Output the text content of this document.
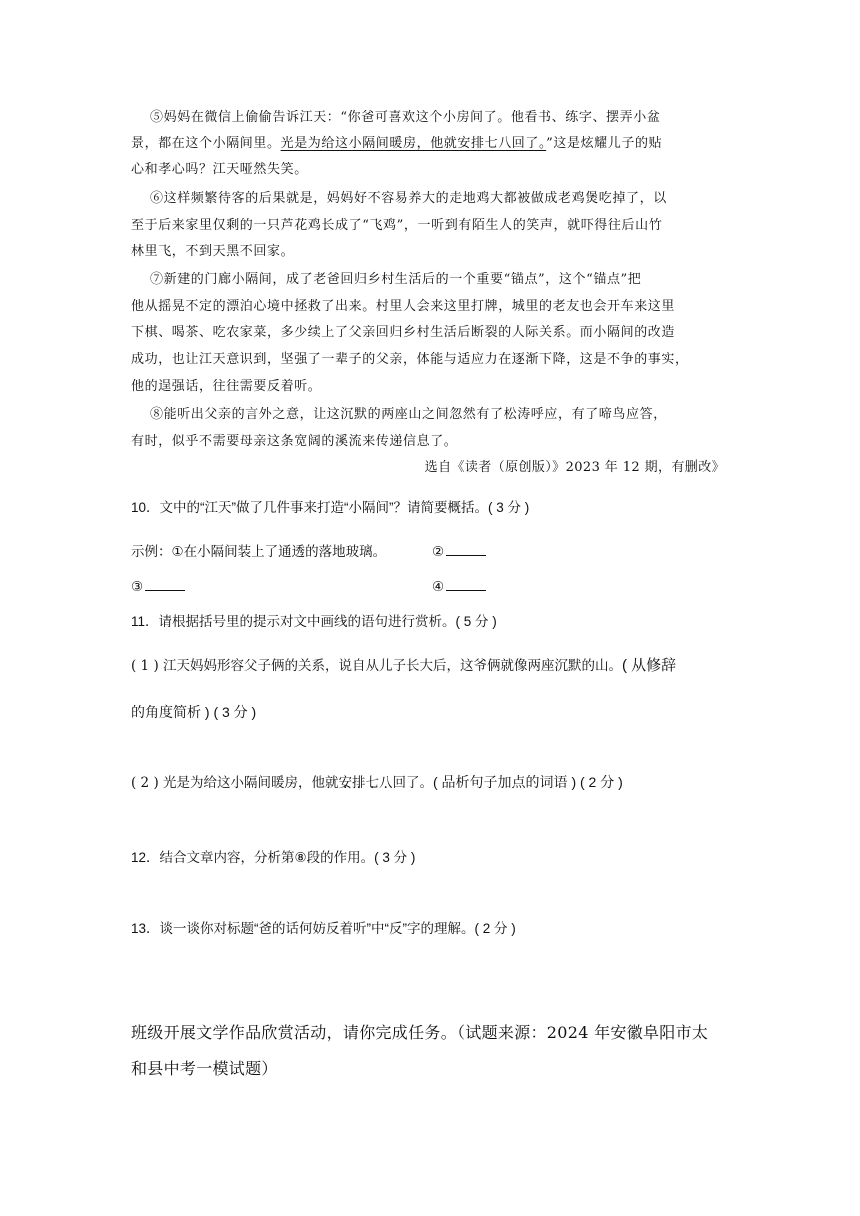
⑤妈妈在微信上偷偷告诉江天：“你爸可喜欢这个小房间了。他看书、练字、摆弄小盆
景，都在这个小隔间里。光是为给这小隔间暖房，他就安排七八回了。”这是炫耀儿子的贴
心和孝心吗？江天哑然失笑。
⑥这样频繁待客的后果就是，妈妈好不容易养大的走地鸡大都被做成老鸡煲吃掉了，以
至于后来家里仅剩的一只芦花鸡长成了“飞鸡”，一听到有陌生人的笑声，就吓得往后山竹
林里飞，不到天黑不回家。
⑦新建的门廊小隔间，成了老爸回归乡村生活后的一个重要“锚点”，这个“锚点”把
他从摇晃不定的漂泊心境中拯救了出来。村里人会来这里打牌，城里的老友也会开车来这里
下棋、喝茶、吃农家菜，多少续上了父亲回归乡村生活后断裂的人际关系。而小隔间的改造
成功，也让江天意识到，坚强了一辈子的父亲，体能与适应力在逐渐下降，这是不争的事实，
他的逞强话，往往需要反着听。
⑧能听出父亲的言外之意，让这沉默的两座山之间忽然有了松涛呼应，有了啼鸟应答，
有时，似乎不需要母亲这条宽阔的溪流来传递信息了。
选自《读者（原创版）》2023 年 12 期，有删改》
10．文中的“江天”做了几件事来打造“小隔间”？请简要概括。( 3 分 )
示例：①在小隔间装上了通透的落地玻璃。	②
③	④
11．请根据括号里的提示对文中画线的语句进行赏析。( 5 分 )
( 1 ) 江天妈妈形容父子俩的关系，说自从儿子长大后，这爷俩就像两座沉默的山。( 从修辞
的角度简析 ) ( 3 分 )
( 2 ) 光是为给这小隔间暖房，他就安 ·排 ·七 ·八 ·回了。( 品析句子加点的词语 ) ( 2 分 )
12．结合文章内容，分析第⑧段的作用。( 3 分 )
13．谈一谈你对标题“爸的话何妨反着听”中“反”字的理解。( 2 分 )
班级开展文学作品欣赏活动，请你完成任务。（试题来源：2024 年安徽阜阳市太
和县中考一模试题）
